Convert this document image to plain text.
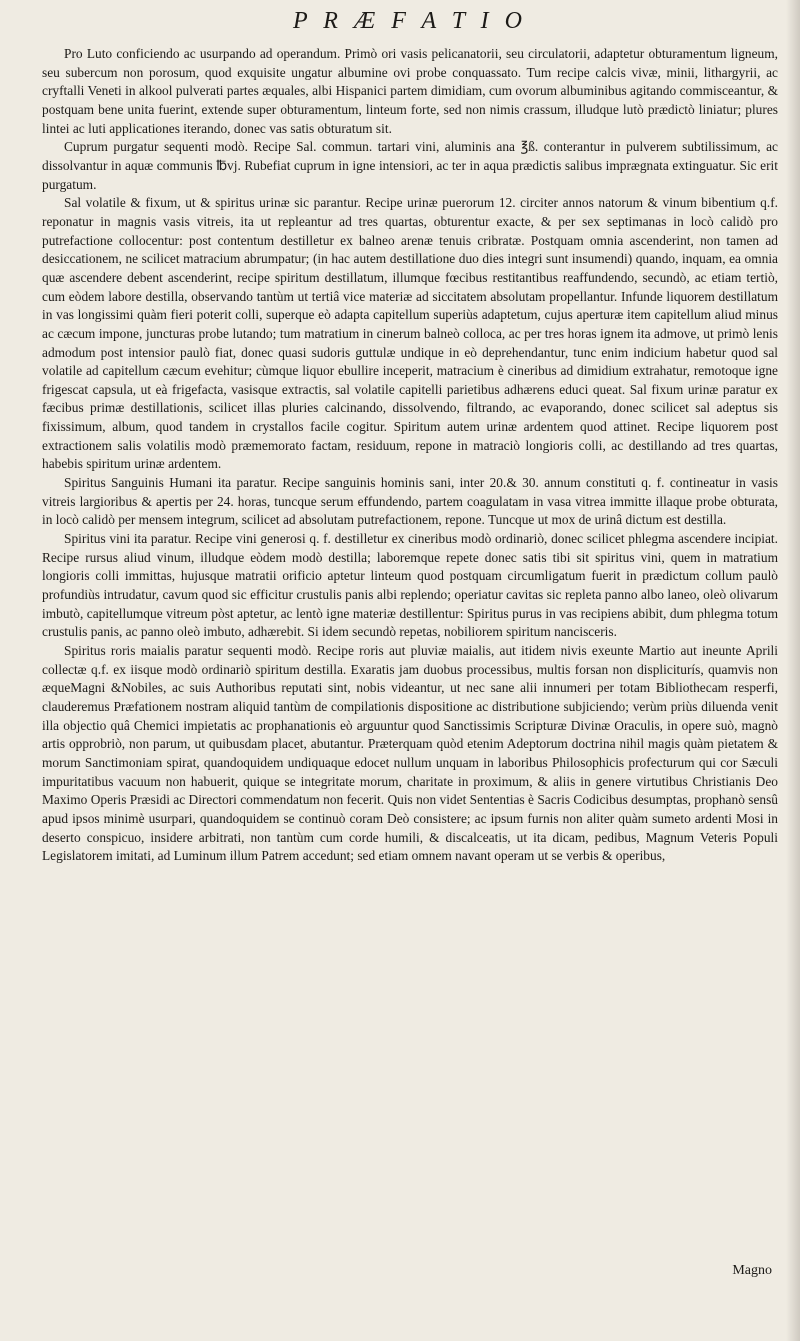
P R Æ F A T I O

Pro Luto conficiendo ac usurpando ad operandum. Primò ori vasis pelicanatorii, seu circulatorii, adaptetur obturamentum ligneum, seu subercum non porosum, quod exquisite ungatur albumine ovi probe conquassato. Tum recipe calcis vivæ, minii, lithargyrii, ac cryftalli Veneti in alkool pulverati partes æquales, albi Hispanici partem dimidiam, cum ovorum albuminibus agitando commisceantur, & postquam bene unita fuerint, extende super obturamentum, linteum forte, sed non nimis crassum, illudque lutò prædictò liniatur; plures lintei ac luti applicationes iterando, donec vas satis obturatum sit.

Cuprum purgatur sequenti modò. Recipe Sal. commun. tartari vini, aluminis ana ℥ß. conterantur in pulverem subtilissimum, ac dissolvantur in aquæ communis ℔vj. Rubefiat cuprum in igne intensiori, ac ter in aqua prædictis salibus imprægnata extinguatur. Sic erit purgatum.

Sal volatile & fixum, ut & spiritus urinæ sic parantur. Recipe urinæ puerorum 12. circiter annos natorum & vinum bibentium q.f. reponatur in magnis vasis vitreis, ita ut repleantur ad tres quartas, obturentur exacte, & per sex septimanas in locò calidò pro putrefactione collocentur: post contentum destilletur ex balneo arenæ tenuis cribratæ. Postquam omnia ascenderint, non tamen ad desiccationem, ne scilicet matracium abrumpatur; (in hac autem destillatione duo dies integri sunt insumendi) quando, inquam, ea omnia quæ ascendere debent ascenderint, recipe spiritum destillatum, illumque fœcibus restitantibus reaffundendo, secundò, ac etiam tertiò, cum eòdem labore destilla, observando tantùm ut tertiâ vice materiæ ad siccitatem absolutam propellantur. Infunde liquorem destillatum in vas longissimi quàm fieri poterit colli, superque eò adapta capitellum superiùs adaptetum, cujus aperturæ item capitellum aliud minus ac cæcum impone, juncturas probe lutando; tum matratium in cinerum balneò colloca, ac per tres horas ignem ita admove, ut primò lenis admodum post intensior paulò fiat, donec quasi sudoris guttulæ undique in eò deprehendantur, tunc enim indicium habetur quod sal volatile ad capitellum cæcum evehitur; cùmque liquor ebullire inceperit, matracium è cineribus ad dimidium extrahatur, remotoque igne frigescat capsula, ut eà frigefacta, vasisque extractis, sal volatile capitelli parietibus adhærens educi queat. Sal fixum urinæ paratur ex fæcibus primæ destillationis, scilicet illas pluries calcinando, dissolvendo, filtrando, ac evaporando, donec scilicet sal adeptus sis fixissimum, album, quod tandem in crystallos facile cogitur. Spiritum autem urinæ ardentem quod attinet. Recipe liquorem post extractionem salis volatilis modò præmemorato factam, residuum, repone in matraciò longioris colli, ac destillando ad tres quartas, habebis spiritum urinæ ardentem.

Spiritus Sanguinis Humani ita paratur. Recipe sanguinis hominis sani, inter 20.& 30. annum constituti q. f. contineatur in vasis vitreis largioribus & apertis per 24. horas, tuncque serum effundendo, partem coagulatam in vasa vitrea immitte illaque probe obturata, in locò calidò per mensem integrum, scilicet ad absolutam putrefactionem, repone. Tuncque ut mox de urinâ dictum est destilla.

Spiritus vini ita paratur. Recipe vini generosi q. f. destilletur ex cineribus modò ordinariò, donec scilicet phlegma ascendere incipiat. Recipe rursus aliud vinum, illudque eòdem modò destilla; laboremque repete donec satis tibi sit spiritus vini, quem in matratium longioris colli immittas, hujusque matratii orificio aptetur linteum quod postquam circumligatum fuerit in prædictum collum paulò profundiùs intrudatur, cavum quod sic efficitur crustulis panis albi replendo; operiatur cavitas sic repleta panno albo laneo, oleò olivarum imbutò, capitellumque vitreum pòst aptetur, ac lentò igne materiæ destillentur: Spiritus purus in vas recipiens abibit, dum phlegma totum crustulis panis, ac panno oleò imbuto, adhærebit. Si idem secundò repetas, nobiliorem spiritum nancisceris.

Spiritus roris maialis paratur sequenti modò. Recipe roris aut pluviæ maialis, aut itidem nivis exeunte Martio aut ineunte Aprili collectæ q.f. ex iisque modò ordinariò spiritum destilla. Exaratis jam duobus processibus, multis forsan non displiciturís, quamvis non æqueMagni &Nobiles, ac suis Authoribus reputati sint, nobis videantur, ut nec sane alii innumeri per totam Bibliothecam resperfi, clauderemus Præfationem nostram aliquid tantùm de compilationis dispositione ac distributione subjiciendo; verùm priùs diluenda venit illa objectio quâ Chemici impietatis ac prophanationis eò arguuntur quod Sanctissimis Scripturæ Divinæ Oraculis, in opere suò, magnò artis opprobriò, non parum, ut quibusdam placet, abutantur. Præterquam quòd etenim Adeptorum doctrina nihil magis quàm pietatem & morum Sanctimoniam spirat, quandoquidem undiquaque edocet nullum unquam in laboribus Philosophicis profecturum qui cor Sæculi impuritatibus vacuum non habuerit, quique se integritate morum, charitate in proximum, & aliis in genere virtutibus Christianis Deo Maximo Operis Præsidi ac Directori commendatum non fecerit. Quis non videt Sententias è Sacris Codicibus desumptas, prophanò sensû apud ipsos minimè usurpari, quandoquidem se continuò coram Deò consistere; ac ipsum furnis non aliter quàm sumeto ardenti Mosi in deserto conspicuo, insidere arbitrati, non tantùm cum corde humili, & discalceatis, ut ita dicam, pedibus, Magnum Veteris Populi Legislatorem imitati, ad Luminum illum Patrem accedunt; sed etiam omnem navant operam ut se verbis & operibus,

Magno
